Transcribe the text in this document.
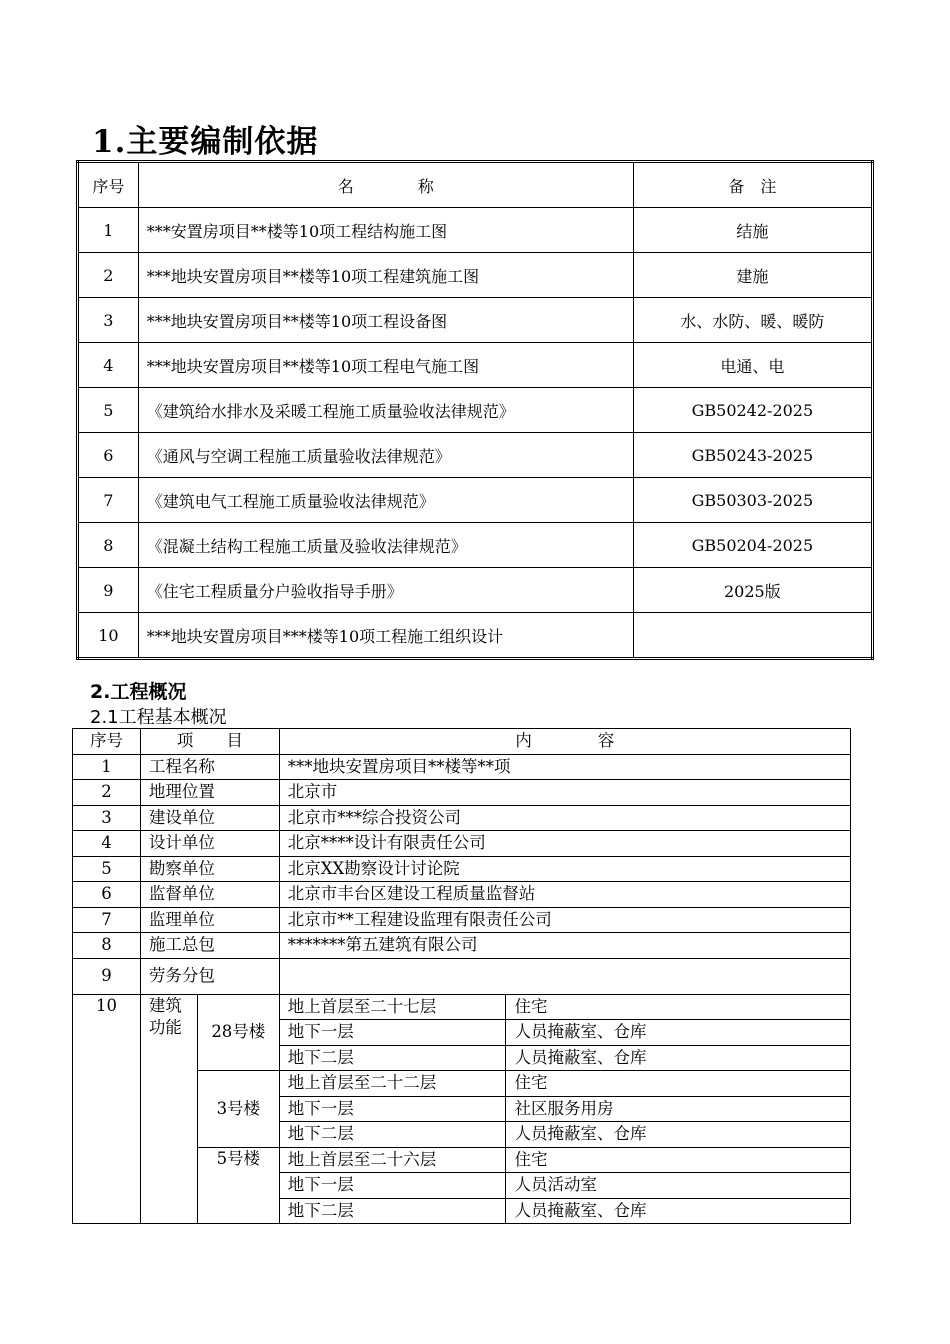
1.主要编制依据
序号	名　　　　称	备　注
1	***安置房项目**楼等10项工程结构施工图	结施
2	***地块安置房项目**楼等10项工程建筑施工图	建施
3	***地块安置房项目**楼等10项工程设备图	水、水防、暖、暖防
4	***地块安置房项目**楼等10项工程电气施工图	电通、电
5	《建筑给水排水及采暖工程施工质量验收法律规范》	GB50242-2025
6	《通风与空调工程施工质量验收法律规范》	GB50243-2025
7	《建筑电气工程施工质量验收法律规范》	GB50303-2025
8	《混凝土结构工程施工质量及验收法律规范》	GB50204-2025
9	《住宅工程质量分户验收指导手册》	2025版
10	***地块安置房项目***楼等10项工程施工组织设计	
2.工程概况
2.1工程基本概况
序号	项　　目		内　　　　容	
1	工程名称		***地块安置房项目**楼等**项	
2	地理位置		北京市	
3	建设单位		北京市***综合投资公司	
4	设计单位		北京****设计有限责任公司	
5	勘察单位		北京XX勘察设计讨论院	
6	监督单位		北京市丰台区建设工程质量监督站	
7	监理单位		北京市**工程建设监理有限责任公司	
8	施工总包		*******第五建筑有限公司	
9	劳务分包			
10	建筑功能	28号楼	地上首层至二十七层	住宅
			地下一层	人员掩蔽室、仓库
			地下二层	人员掩蔽室、仓库
		3号楼	地上首层至二十二层	住宅
			地下一层	社区服务用房
			地下二层	人员掩蔽室、仓库
		5号楼	地上首层至二十六层	住宅
			地下一层	人员活动室
			地下二层	人员掩蔽室、仓库
